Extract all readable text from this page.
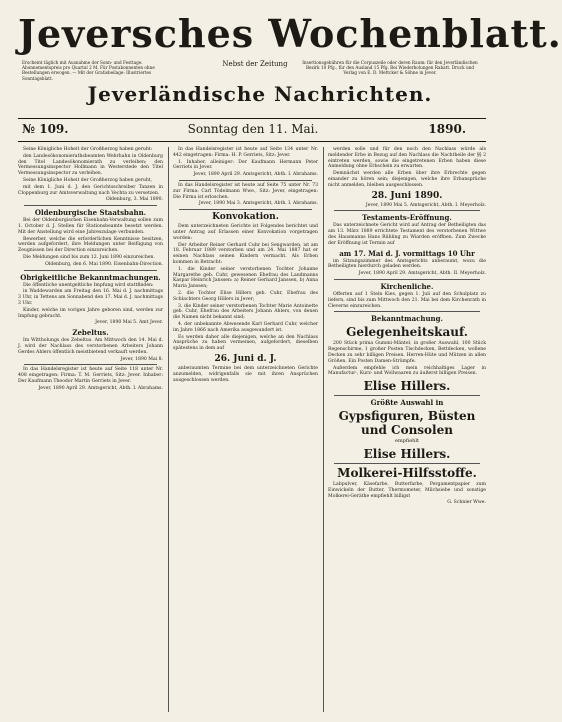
Jeversches Wochenblatt.
Erscheint täglich mit Ausnahme der Sonn- und Festtage. Abonnementspreis pro Quartal 2 M. Für Postabonnenten ohne Bestellungen erwogen. — Mit der Gratisbeilage: Illustriertes Sonntagsblatt.
Nebst der Zeitung	Insertionsgebühren für die Corpuszeile oder deren Raum: für den Jeverländischen Bezirk 10 Pfg., für den Ausland 15 Pfg. Bei Wiederholungen Rabatt. Druck und Verlag von E. D. Mettcker & Söhne in Jever.
Jeverländische Nachrichten.
№ 109.	Sonntag den 11. Mai.	1890.

Seine Königliche Hoheit der Großherzog haben geruht:

den Landesökonomierathsbeamten Wehrhahn in Oldenburg den Titel Landesökonomierath zu verleihen; den Vermessungsinspector Hollmann in Westerstede den Titel Vermessungsinspector zu verleihen.

Seine Königliche Hoheit der Großherzog haben geruht,

mit dem 1. Juni d. J. den Gerichtsschreiber Tanzen in Cloppenburg zur Amtsverwaltung nach Vechta zu versetzen.

Oldenburg, 3. Mai 1890.
Oldenburgische Staatsbahn.

Bei der Oldenburgischen Eisenbahn-Verwaltung sollen zum 1. October d. J. Stellen für Stationsbeamte besetzt werden. Mit der Anstellung wird eine Jahreszulage verbunden.

Bewerber, welche die erforderlichen Kenntnisse besitzen, werden aufgefordert, ihre Meldungen unter Beifügung von Zeugnissen bei der Direction einzureichen.

Die Meldungen sind bis zum 12. Juni 1890 einzureichen.

Oldenburg, den 6. Mai 1890. Eisenbahn-Direction.
Obrigkeitliche Bekanntmachungen.

Die öffentliche unentgeltliche Impfung wird stattfinden:

in Waddewarden am Freitag den 16. Mai d. J. nachmittags 3 Uhr, in Tettens am Sonnabend den 17. Mai d. J. nachmittags 3 Uhr.

Kinder, welche im vorigen Jahre geboren sind, werden zur Impfung gebracht.

Jever, 1890 Mai 5. Amt Jever.
Zebeltus.

Im Wittholungs des Zebeltus. Am Mittwoch den 14. Mai d. J. wird der Nachlass des verstorbenen Arbeiters Johann Gerdes Ahlers öffentlich meistbietend verkauft werden.

Jever, 1890 Mai 8.

In das Handelsregister ist heute auf Seite 118 unter Nr. 408 eingetragen: Firma: T. M. Gerriets, Sitz: Jever. Inhaber: Der Kaufmann Theodor Martin Gerriets in Jever.

Jever, 1890 April 29. Amtsgericht, Abth. I. Abrahams.

In das Handelsregister ist heute auf Seite 134 unter Nr. 442 eingetragen: Firma: H. P. Gerriets, Sitz: Jever.

1. Inhaber, alleiniger: Der Kaufmann Hermann Peter Gerriets in Jever.

Jever, 1890 April 29. Amtsgericht, Abth. I. Abrahams.

In das Handelsregister ist heute auf Seite 75 unter Nr. 73 zur Firma: Carl Tödelmann Wwe., Sitz: Jever, eingetragen: Die Firma ist erloschen.

Jever, 1890 Mai 3. Amtsgericht, Abth. I. Abrahams.
Konvokation.

Dem unterzeichneten Gerichte ist Folgendes berichtet und unter Antrag auf Erlassen einer Konvokation vorgetragen worden:

Der Arbeiter Reiner Gerhard Cuhr bei Sengwarden, ist am 18. Februar 1889 verstorben und am 24. Mai 1887 hat er seinen Nachlass seinen Kindern vermacht. Als Erben kommen in Betracht:

1. die Kinder seiner verstorbenen Tochter Johanne Margarethe geb. Cuhr, gewesenen Ehefrau des Landmanns Kaspar Heinrich Janssen: a) Reiner Gerhard Janssen, b) Anna Maria Janssen;

2. die Tochter Elise Hillers geb. Cuhr, Ehefrau des Schlachters Georg Hillers in Jever;

3. die Kinder seiner verstorbenen Tochter Marie Antoinette geb. Cuhr, Ehefrau des Arbeiters Johann Ahlers, von denen die Namen nicht bekannt sind;

4. der unbekannte Abwesende Karl Gerhard Cuhr, welcher im Jahre 1866 nach Amerika ausgewandert ist.

Es werden daher alle diejenigen, welche an den Nachlass Ansprüche zu haben vermeinen, aufgefordert, dieselben spätestens in dem auf

26. Juni d. J.

anberaumten Termine bei dem unterzeichneten Gerichte anzumelden, widrigenfalls sie mit ihren Ansprüchen ausgeschlossen werden.

werden solle und für den noch den Nachlass würde als meldender Erbe in Bezug auf den Nachlass die Nachtheile der §§ 2 eintreten werden, sowie die eingetretenen Erben haben diese Anmeldung ohne Erbschein zu erwarten.

Demnächst werden alle Erben über ihre Erbrechte gegen einander zu hören sein; diejenigen, welche ihre Erbansprüche nicht anmelden, bleiben ausgeschlossen.

28. Juni 1890.
Jever, 1890 Mai 5. Amtsgericht, Abth. I. Meyerholz.
Testaments-Eröffnung.

Das unterzeichnete Gericht wird auf Antrag der Betheiligten das am 13. März 1889 errichtete Testament des verstorbenen Wittwe des Hausmanns Hans Rühling zu Wiarden eröffnen. Zum Zwecke der Eröffnung ist Termin auf

am 17. Mai d. J. vormittags 10 Uhr

im Sitzungszimmer des Amtsgerichts anberaumt, wozu die Betheiligten hierdurch geladen werden.

Jever, 1890 April 29. Amtsgericht, Abth. II. Meyerholz.
Kirchenliche.

Offerten auf 1 Stein Kies, gegen 1. Juli auf den Schulplatz zu liefern, sind bis zum Mittwoch den 21. Mai bei dem Kirchenrath in Cleverns einzureichen.

Bekanntmachung.
Gelegenheitskauf.

200 Stück prima Gummi-Mäntel, in großer Auswahl, 100 Stück Regenschirme, 1 großer Posten Tischdecken, Bettdecken, wollene Decken zu sehr billigen Preisen. Herren-Hüte und Mützen in allen Größen. Ein Posten Damen-Strümpfe.

Außerdem empfehle ich mein reichhaltiges Lager in Manufactur-, Kurz- und Wollwaaren zu äußerst billigen Preisen.

Elise Hillers.
Größte Auswahl in
Gypsfiguren, Büsten und Consolen
empfiehlt
Elise Hillers.
Molkerei-Hilfsstoffe.

Labpulver, Käsefarbe, Butterfarbe, Pergamentpapier zum Einwickeln der Butter, Thermometer, Milchsiebe und sonstige Molkerei-Geräthe empfiehlt billigst

G. Schnier Wwe.
